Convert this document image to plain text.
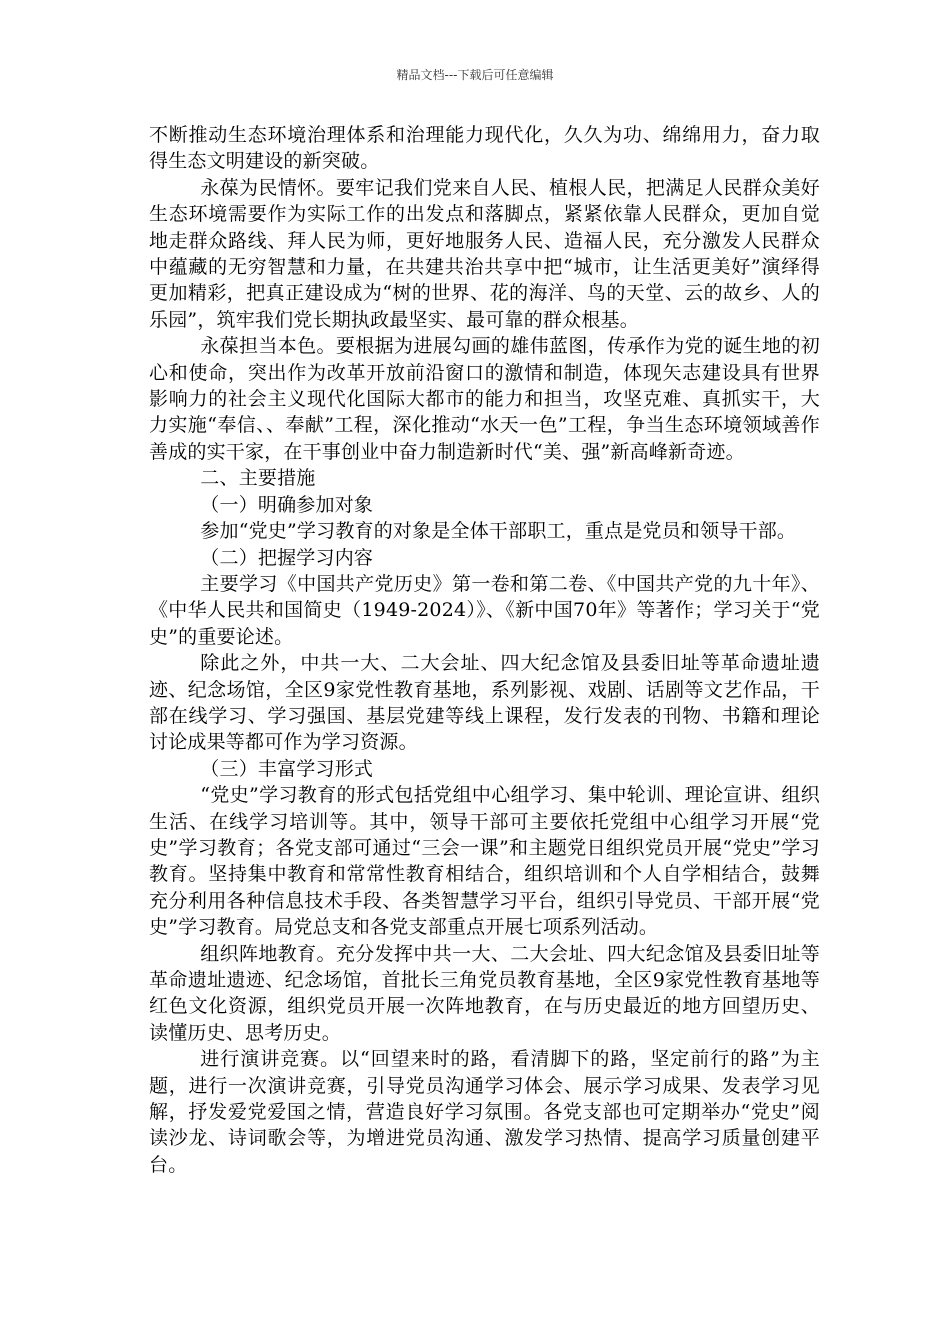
精品文档---下载后可任意编辑

不断推动生态环境治理体系和治理能力现代化，久久为功、绵绵用力，奋力取得生态文明建设的新突破。

永葆为民情怀。要牢记我们党来自人民、植根人民，把满足人民群众美好生态环境需要作为实际工作的出发点和落脚点，紧紧依靠人民群众，更加自觉地走群众路线、拜人民为师，更好地服务人民、造福人民，充分激发人民群众中蕴藏的无穷智慧和力量，在共建共治共享中把“城市，让生活更美好”演绎得更加精彩，把真正建设成为“树的世界、花的海洋、鸟的天堂、云的故乡、人的乐园”，筑牢我们党长期执政最坚实、最可靠的群众根基。

永葆担当本色。要根据为进展勾画的雄伟蓝图，传承作为党的诞生地的初心和使命，突出作为改革开放前沿窗口的激情和制造，体现矢志建设具有世界影响力的社会主义现代化国际大都市的能力和担当，攻坚克难、真抓实干，大力实施“奉信、、奉献”工程，深化推动“水天一色”工程，争当生态环境领域善作善成的实干家，在干事创业中奋力制造新时代“美、强”新高峰新奇迹。

二、主要措施

（一）明确参加对象

参加“党史”学习教育的对象是全体干部职工，重点是党员和领导干部。

（二）把握学习内容

主要学习《中国共产党历史》第一卷和第二卷、《中国共产党的九十年》、《中华人民共和国简史（1949-2024）》、《新中国70年》等著作；学习关于“党史”的重要论述。

除此之外，中共一大、二大会址、四大纪念馆及县委旧址等革命遗址遗迹、纪念场馆，全区9家党性教育基地，系列影视、戏剧、话剧等文艺作品，干部在线学习、学习强国、基层党建等线上课程，发行发表的刊物、书籍和理论讨论成果等都可作为学习资源。

（三）丰富学习形式

“党史”学习教育的形式包括党组中心组学习、集中轮训、理论宣讲、组织生活、在线学习培训等。其中，领导干部可主要依托党组中心组学习开展“党史”学习教育；各党支部可通过“三会一课”和主题党日组织党员开展“党史”学习教育。坚持集中教育和常常性教育相结合，组织培训和个人自学相结合，鼓舞充分利用各种信息技术手段、各类智慧学习平台，组织引导党员、干部开展“党史”学习教育。局党总支和各党支部重点开展七项系列活动。

组织阵地教育。充分发挥中共一大、二大会址、四大纪念馆及县委旧址等革命遗址遗迹、纪念场馆，首批长三角党员教育基地，全区9家党性教育基地等红色文化资源，组织党员开展一次阵地教育，在与历史最近的地方回望历史、读懂历史、思考历史。

进行演讲竞赛。以“回望来时的路，看清脚下的路，坚定前行的路”为主题，进行一次演讲竞赛，引导党员沟通学习体会、展示学习成果、发表学习见解，抒发爱党爱国之情，营造良好学习氛围。各党支部也可定期举办“党史”阅读沙龙、诗词歌会等，为增进党员沟通、激发学习热情、提高学习质量创建平台。
